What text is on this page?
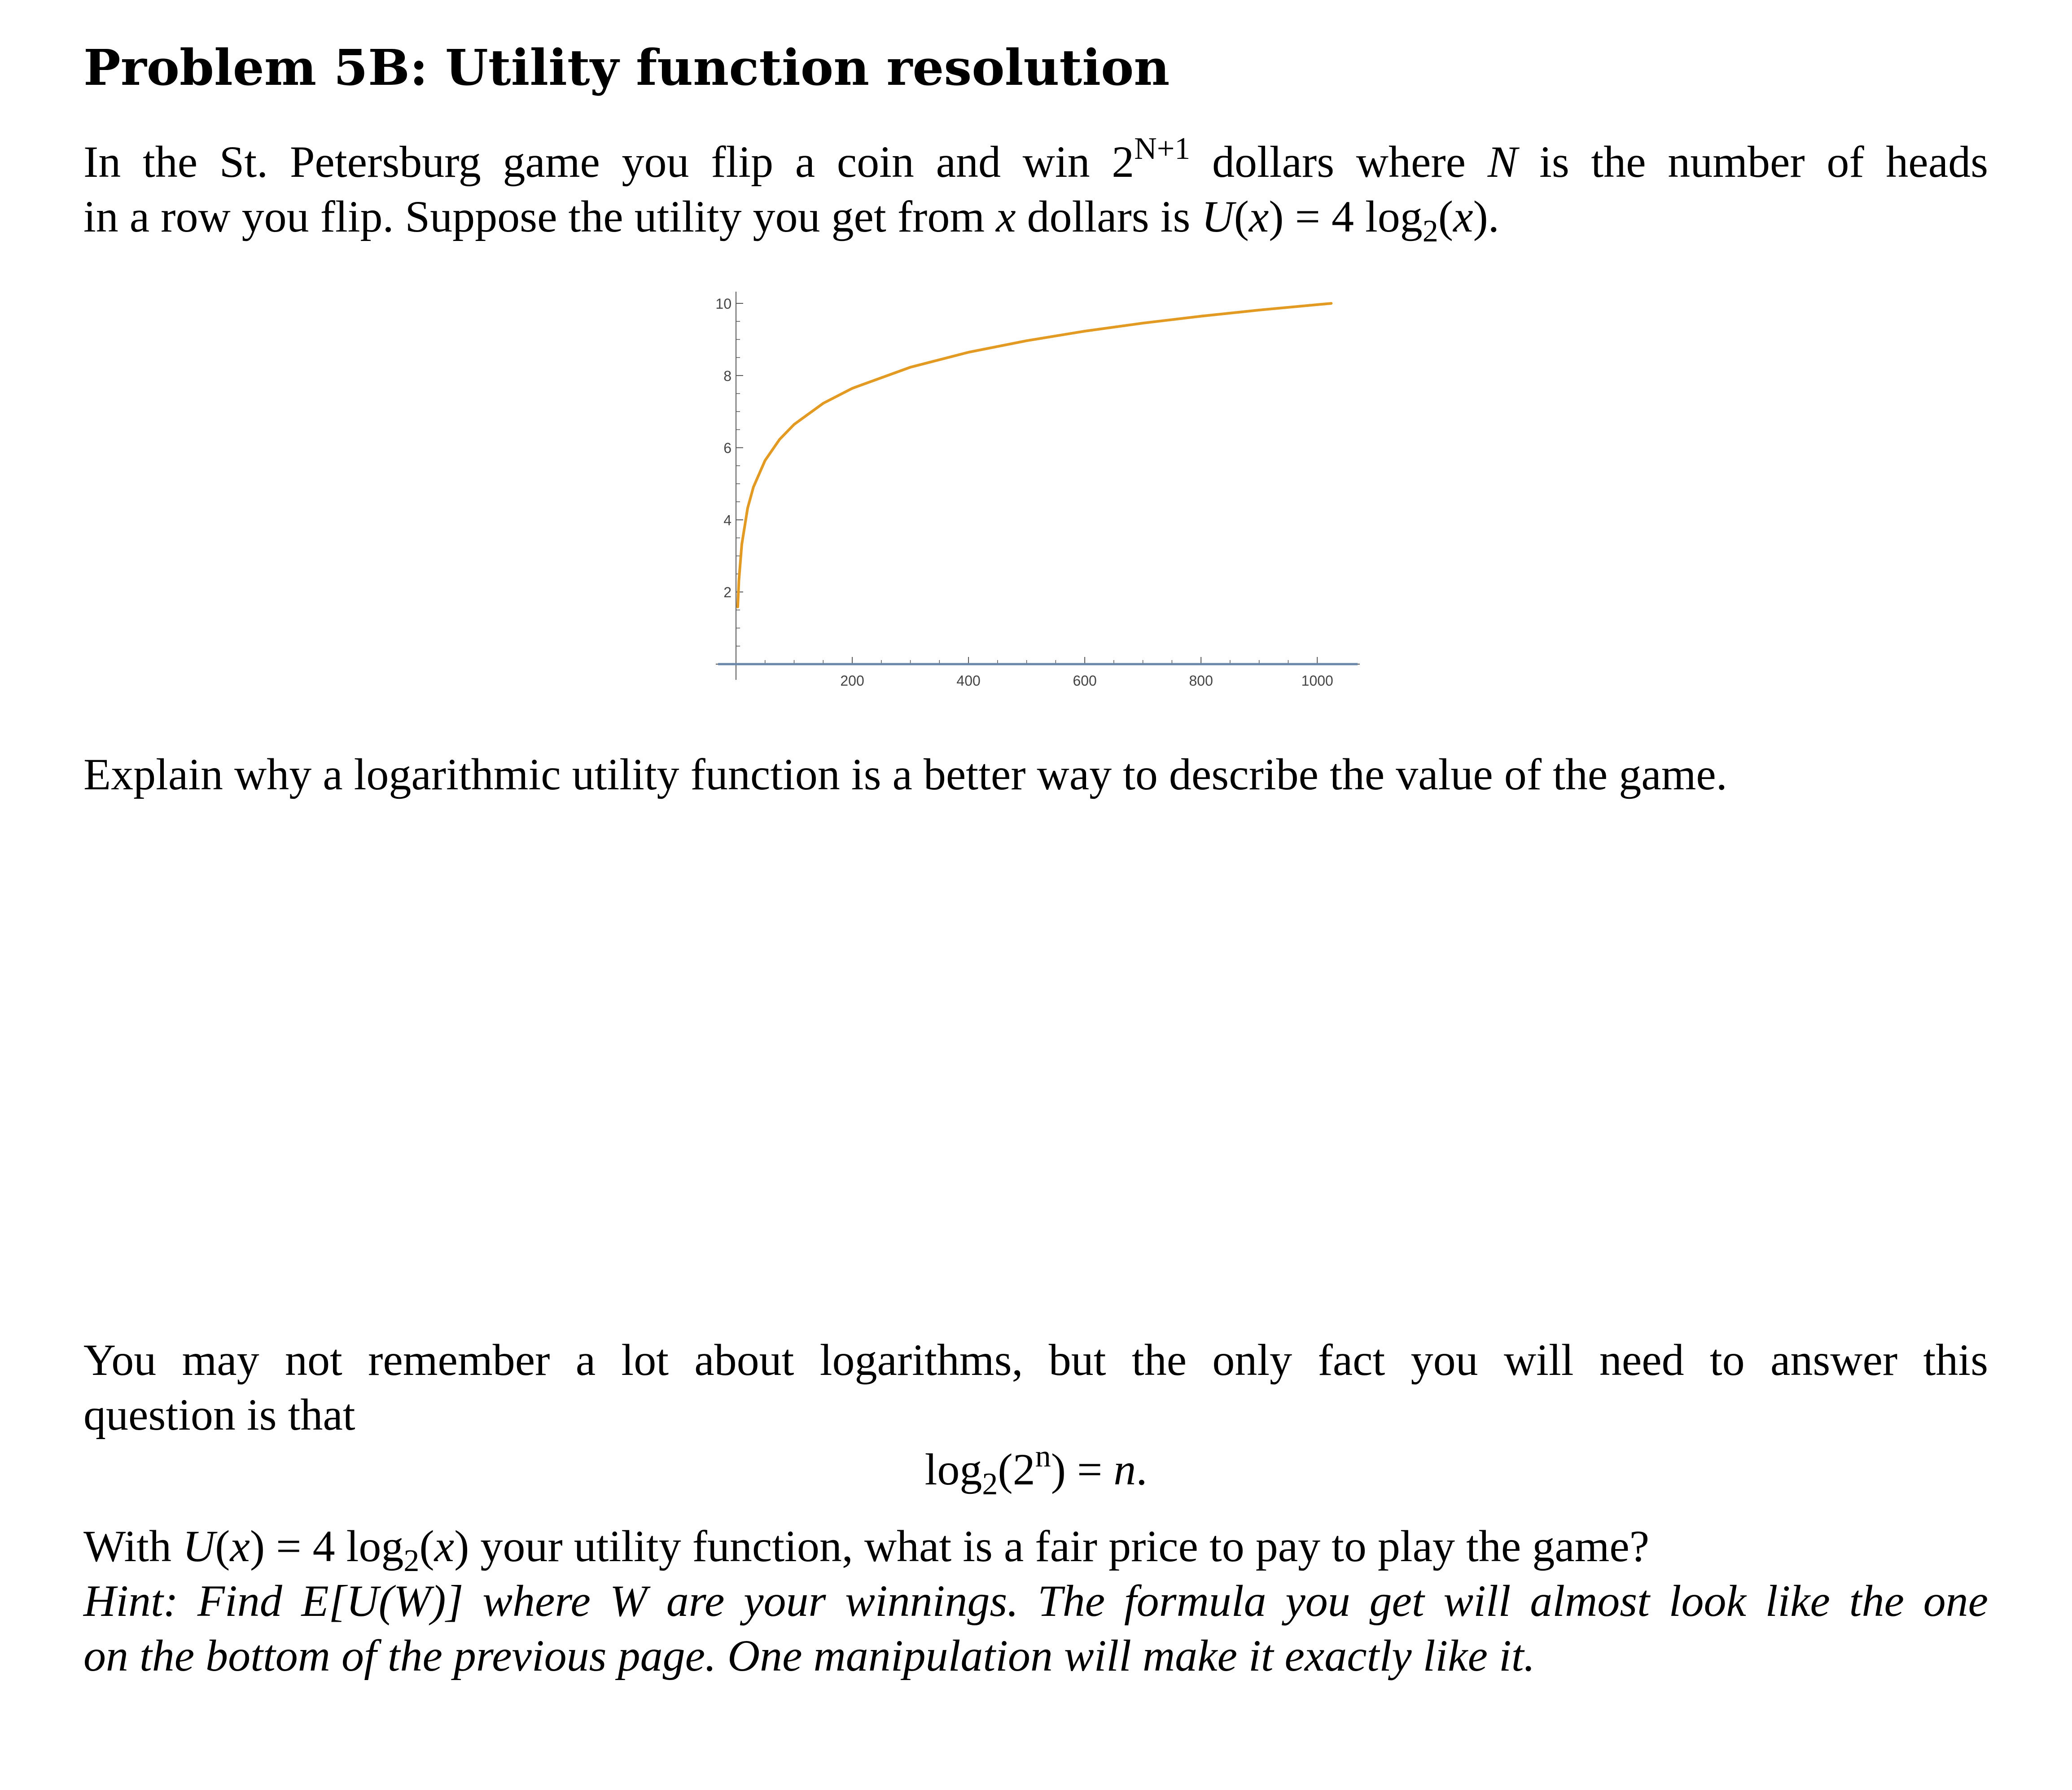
Problem 5B: Utility function resolution
In the St. Petersburg game you flip a coin and win $2^{N+1}$ dollars where N is the number of heads
in a row you flip. Suppose the utility you get from x dollars is U(x) = 4 $\log_2(x)$.
2
4
6
8
10
200	400	600	800	1000
Explain why a logarithmic utility function is a better way to describe the value of the game.
You may not remember a lot about logarithms, but the only fact you will need to answer this
question is that
$\log_2(2^n) = n$.
With U(x) = 4 $\log_2(x)$ your utility function, what is a fair price to pay to play the game?
Hint: Find E[U(W)] where W are your winnings. The formula you get will almost look like the one
on the bottom of the previous page. One manipulation will make it exactly like it.
